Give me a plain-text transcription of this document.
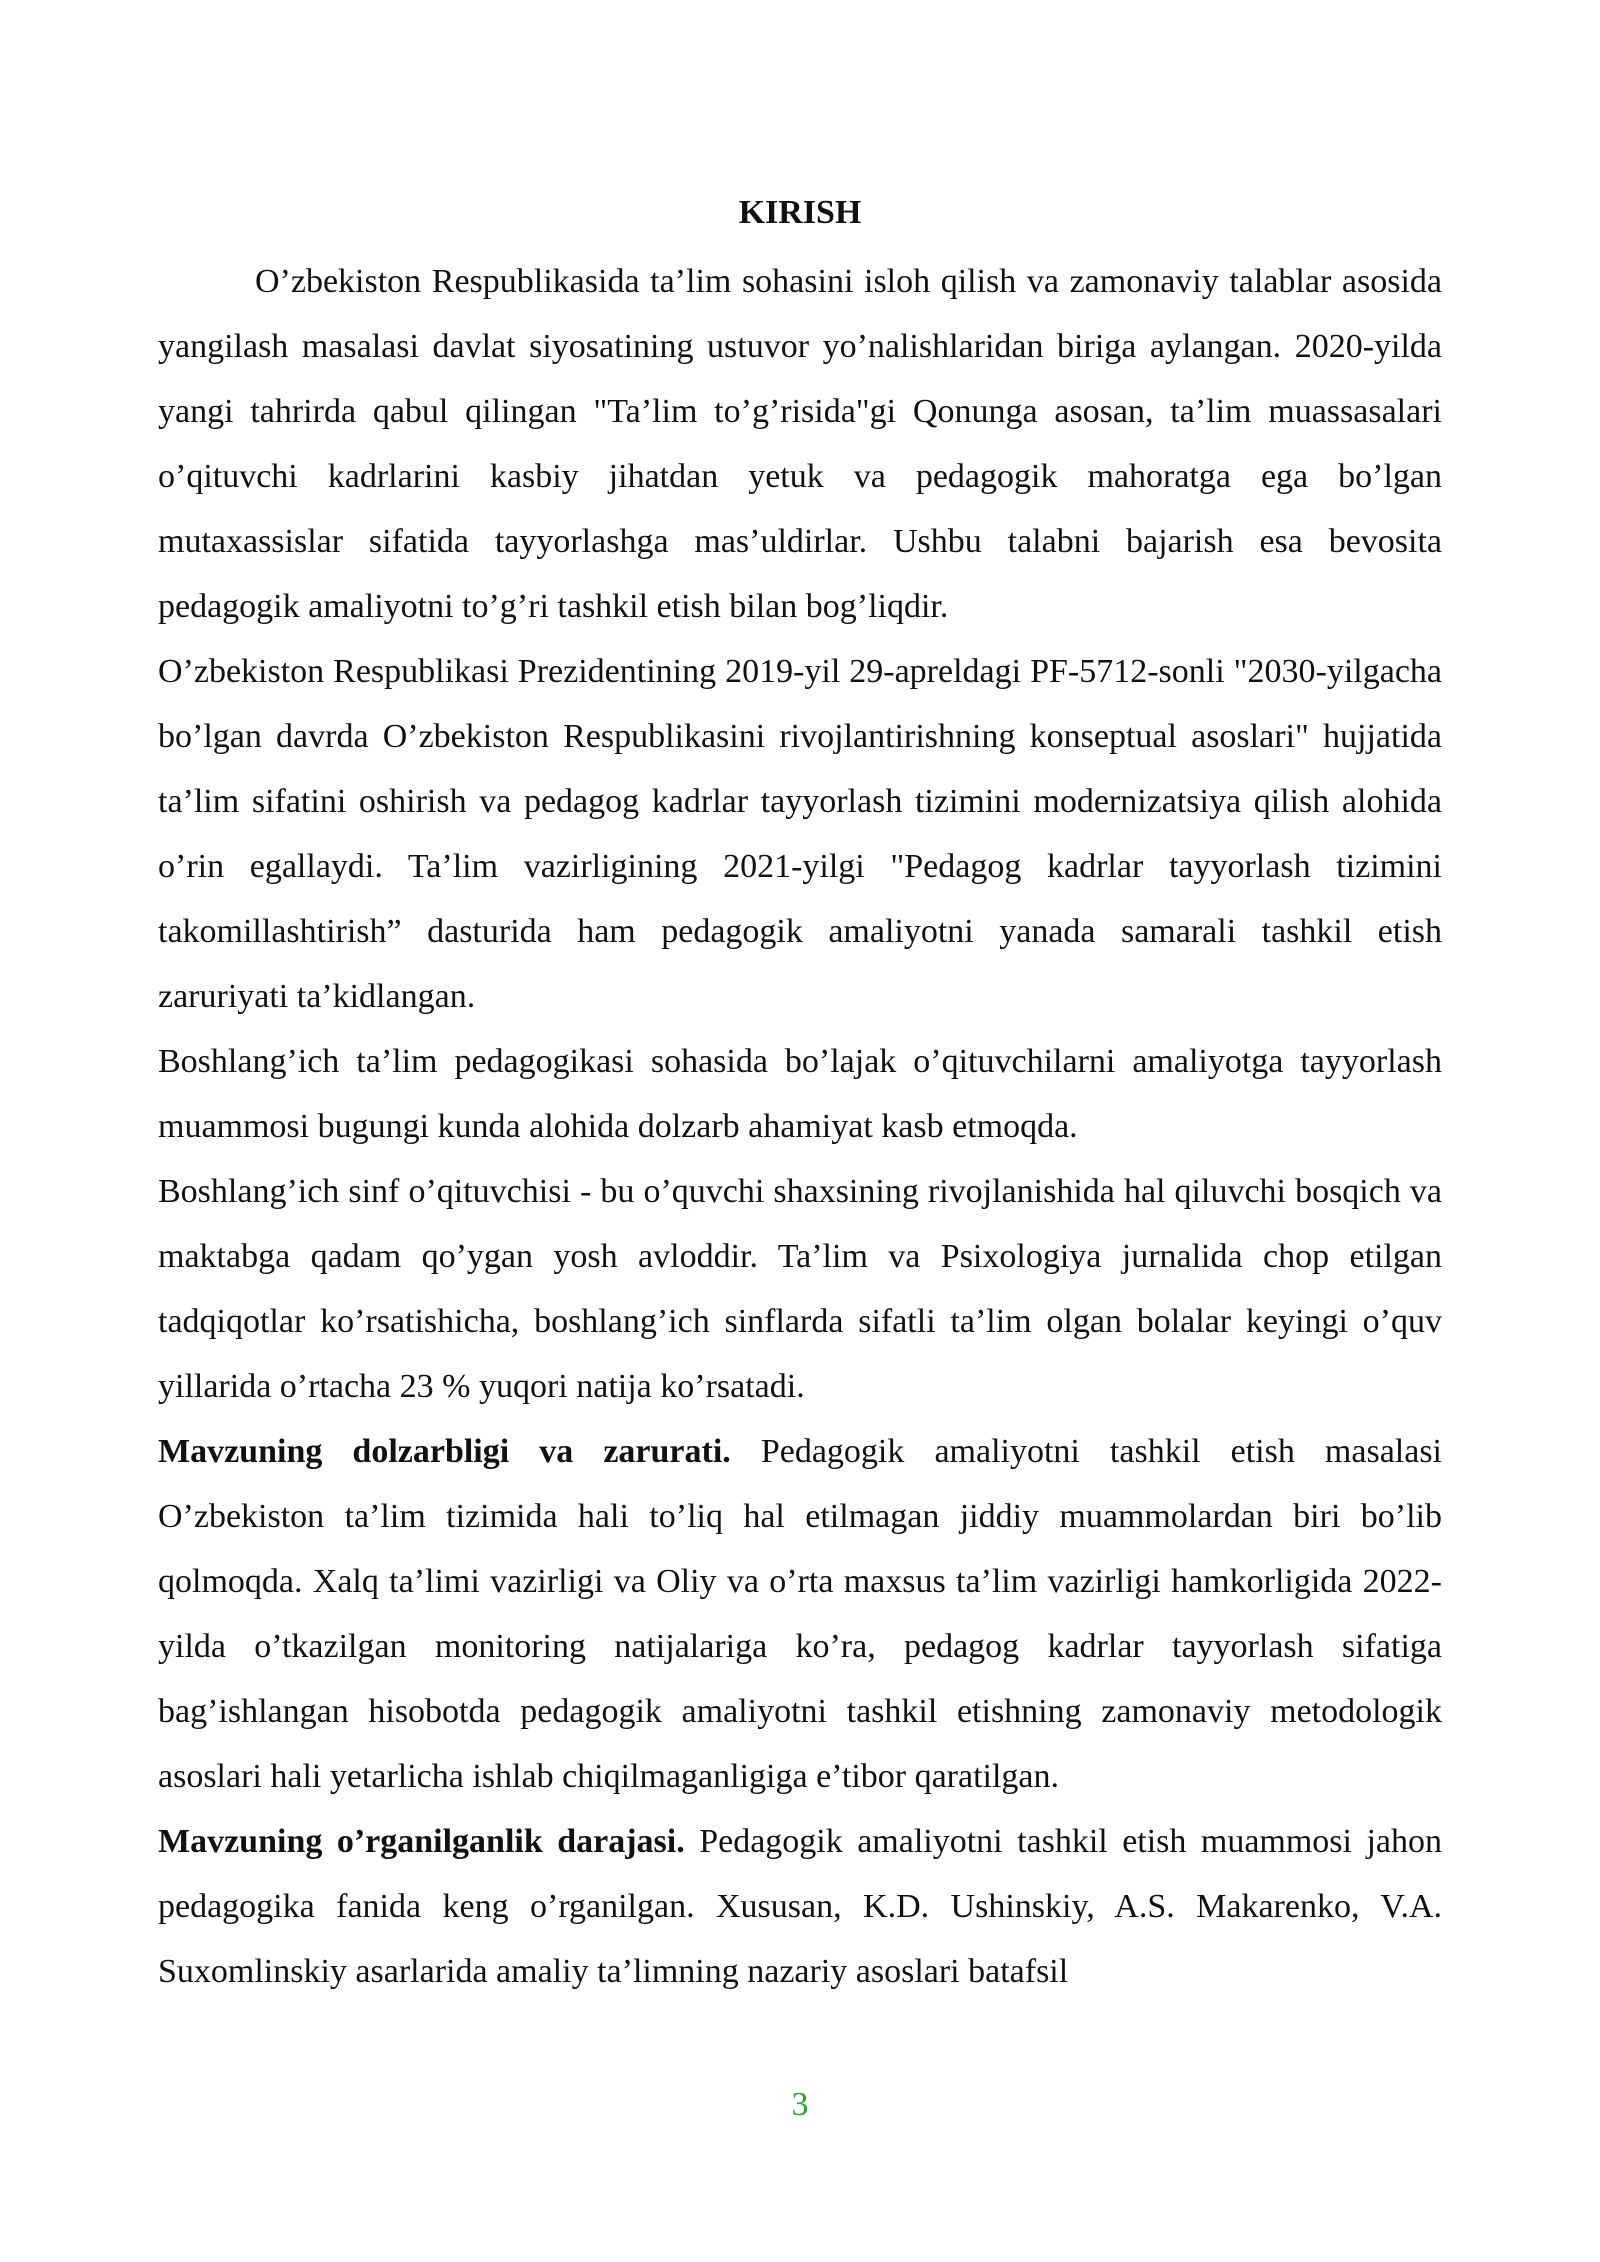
KIRISH

O’zbekiston Respublikasida ta’lim sohasini isloh qilish va zamonaviy talablar asosida yangilash masalasi davlat siyosatining ustuvor yo’nalishlaridan biriga aylangan. 2020-yilda yangi tahrirda qabul qilingan "Ta’lim to’g’risida"gi Qonunga asosan, ta’lim muassasalari o’qituvchi kadrlarini kasbiy jihatdan yetuk va pedagogik mahoratga ega bo’lgan mutaxassislar sifatida tayyorlashga mas’uldirlar. Ushbu talabni bajarish esa bevosita pedagogik amaliyotni to’g’ri tashkil etish bilan bog’liqdir.

O’zbekiston Respublikasi Prezidentining 2019-yil 29-apreldagi PF-5712-sonli "2030-yilgacha bo’lgan davrda O’zbekiston Respublikasini rivojlantirishning konseptual asoslari" hujjatida ta’lim sifatini oshirish va pedagog kadrlar tayyorlash tizimini modernizatsiya qilish alohida o’rin egallaydi. Ta’lim vazirligining 2021-yilgi "Pedagog kadrlar tayyorlash tizimini takomillashtirish” dasturida ham pedagogik amaliyotni yanada samarali tashkil etish zaruriyati ta’kidlangan.

Boshlang’ich ta’lim pedagogikasi sohasida bo’lajak o’qituvchilarni amaliyotga tayyorlash muammosi bugungi kunda alohida dolzarb ahamiyat kasb etmoqda.

Boshlang’ich sinf o’qituvchisi - bu o’quvchi shaxsining rivojlanishida hal qiluvchi bosqich va maktabga qadam qo’ygan yosh avloddir. Ta’lim va Psixologiya jurnalida chop etilgan tadqiqotlar ko’rsatishicha, boshlang’ich sinflarda sifatli ta’lim olgan bolalar keyingi o’quv yillarida o’rtacha 23 % yuqori natija ko’rsatadi.

Mavzuning dolzarbligi va zarurati. Pedagogik amaliyotni tashkil etish masalasi O’zbekiston ta’lim tizimida hali to’liq hal etilmagan jiddiy muammolardan biri bo’lib qolmoqda. Xalq ta’limi vazirligi va Oliy va o’rta maxsus ta’lim vazirligi hamkorligida 2022-yilda o’tkazilgan monitoring natijalariga ko’ra, pedagog kadrlar tayyorlash sifatiga bag’ishlangan hisobotda pedagogik amaliyotni tashkil etishning zamonaviy metodologik asoslari hali yetarlicha ishlab chiqilmaganligiga e’tibor qaratilgan.

Mavzuning o’rganilganlik darajasi. Pedagogik amaliyotni tashkil etish muammosi jahon pedagogika fanida keng o’rganilgan. Xususan, K.D. Ushinskiy, A.S. Makarenko, V.A. Suxomlinskiy asarlarida amaliy ta’limning nazariy asoslari batafsil

3
